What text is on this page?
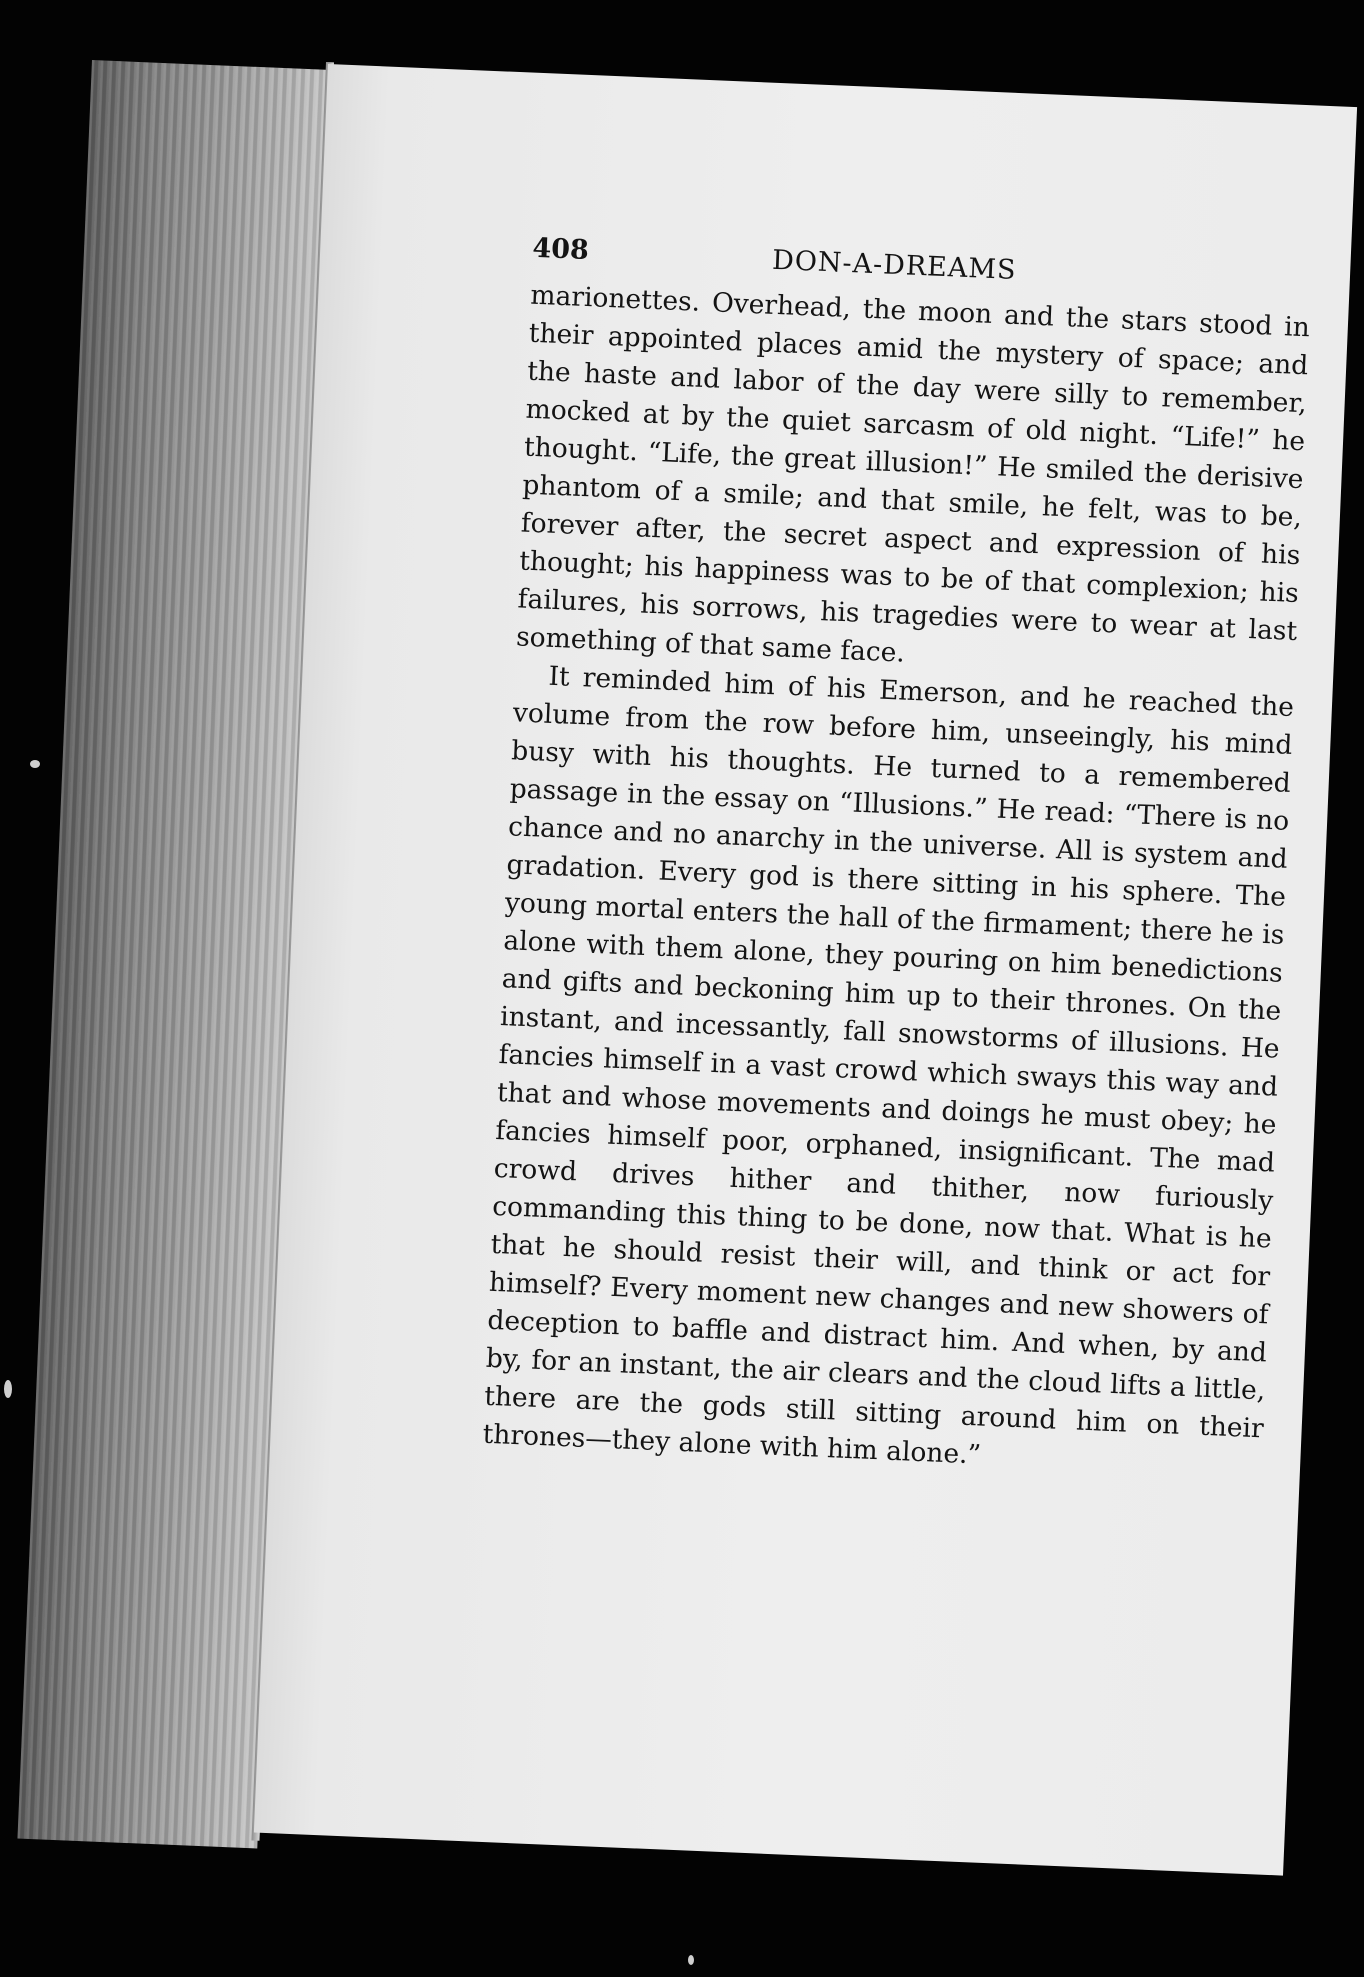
408	DON-A-DREAMS

marionettes. Overhead, the moon and the stars stood in their appointed places amid the mystery of space; and the haste and labor of the day were silly to remember, mocked at by the quiet sarcasm of old night. “Life!” he thought. “Life, the great illusion!” He smiled the derisive phantom of a smile; and that smile, he felt, was to be, forever after, the secret aspect and expression of his thought; his happiness was to be of that complexion; his failures, his sorrows, his tragedies were to wear at last something of that same face.

It reminded him of his Emerson, and he reached the volume from the row before him, unseeingly, his mind busy with his thoughts. He turned to a remembered passage in the essay on “Illusions.” He read: “There is no chance and no anarchy in the universe. All is system and gradation. Every god is there sitting in his sphere. The young mortal enters the hall of the firmament; there he is alone with them alone, they pouring on him benedictions and gifts and beckoning him up to their thrones. On the instant, and incessantly, fall snowstorms of illusions. He fancies himself in a vast crowd which sways this way and that and whose movements and doings he must obey; he fancies himself poor, orphaned, insignificant. The mad crowd drives hither and thither, now furiously commanding this thing to be done, now that. What is he that he should resist their will, and think or act for himself? Every moment new changes and new showers of deception to baffle and distract him. And when, by and by, for an instant, the air clears and the cloud lifts a little, there are the gods still sitting around him on their thrones—they alone with him alone.”
